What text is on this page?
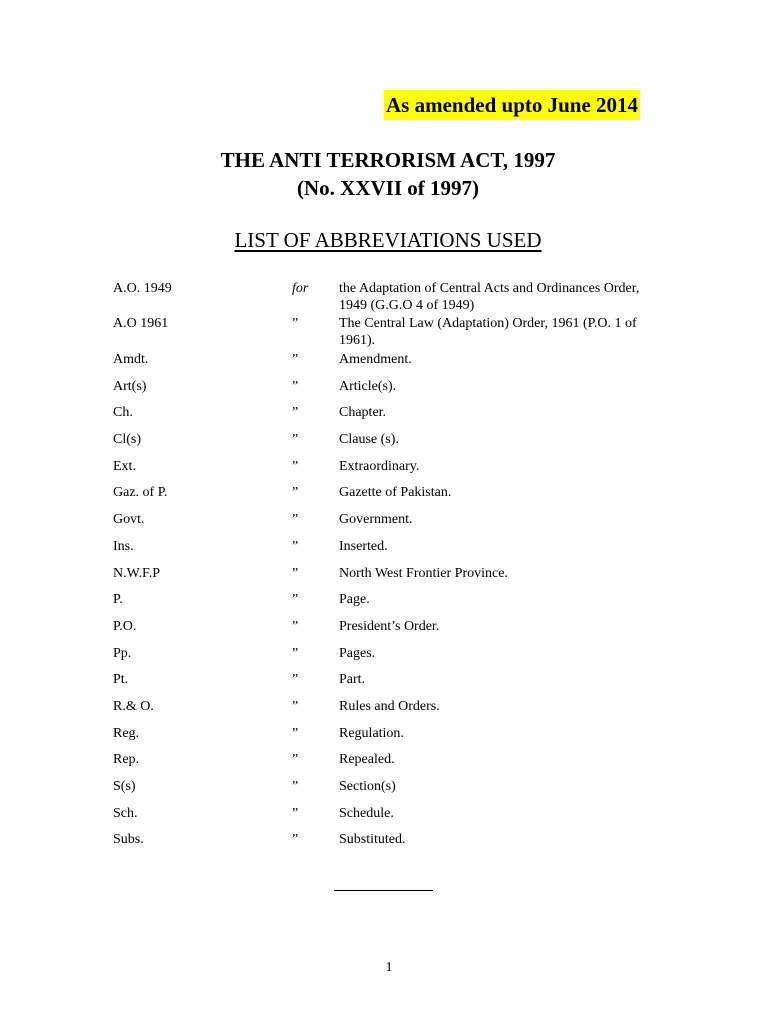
As amended upto June 2014
THE ANTI TERRORISM ACT, 1997
(No. XXVII of 1997)
LIST OF ABBREVIATIONS USED
A.O. 1949	for the Adaptation of Central Acts and Ordinances Order, 1949 (G.G.O 4 of 1949)
A.O 1961	”	The Central Law (Adaptation) Order, 1961 (P.O. 1 of 1961).
Amdt.	”	Amendment.
Art(s)	”	Article(s).
Ch.	”	Chapter.
Cl(s)	”	Clause (s).
Ext.	”	Extraordinary.
Gaz. of P.	”	Gazette of Pakistan.
Govt.	”	Government.
Ins.	”	Inserted.
N.W.F.P	”	North West Frontier Province.
P.	”	Page.
P.O.	”	President’s Order.
Pp.	”	Pages.
Pt.	”	Part.
R.& O.	”	Rules and Orders.
Reg.	”	Regulation.
Rep.	”	Repealed.
S(s)	”	Section(s)
Sch.	”	Schedule.
Subs.	”	Substituted.
1
